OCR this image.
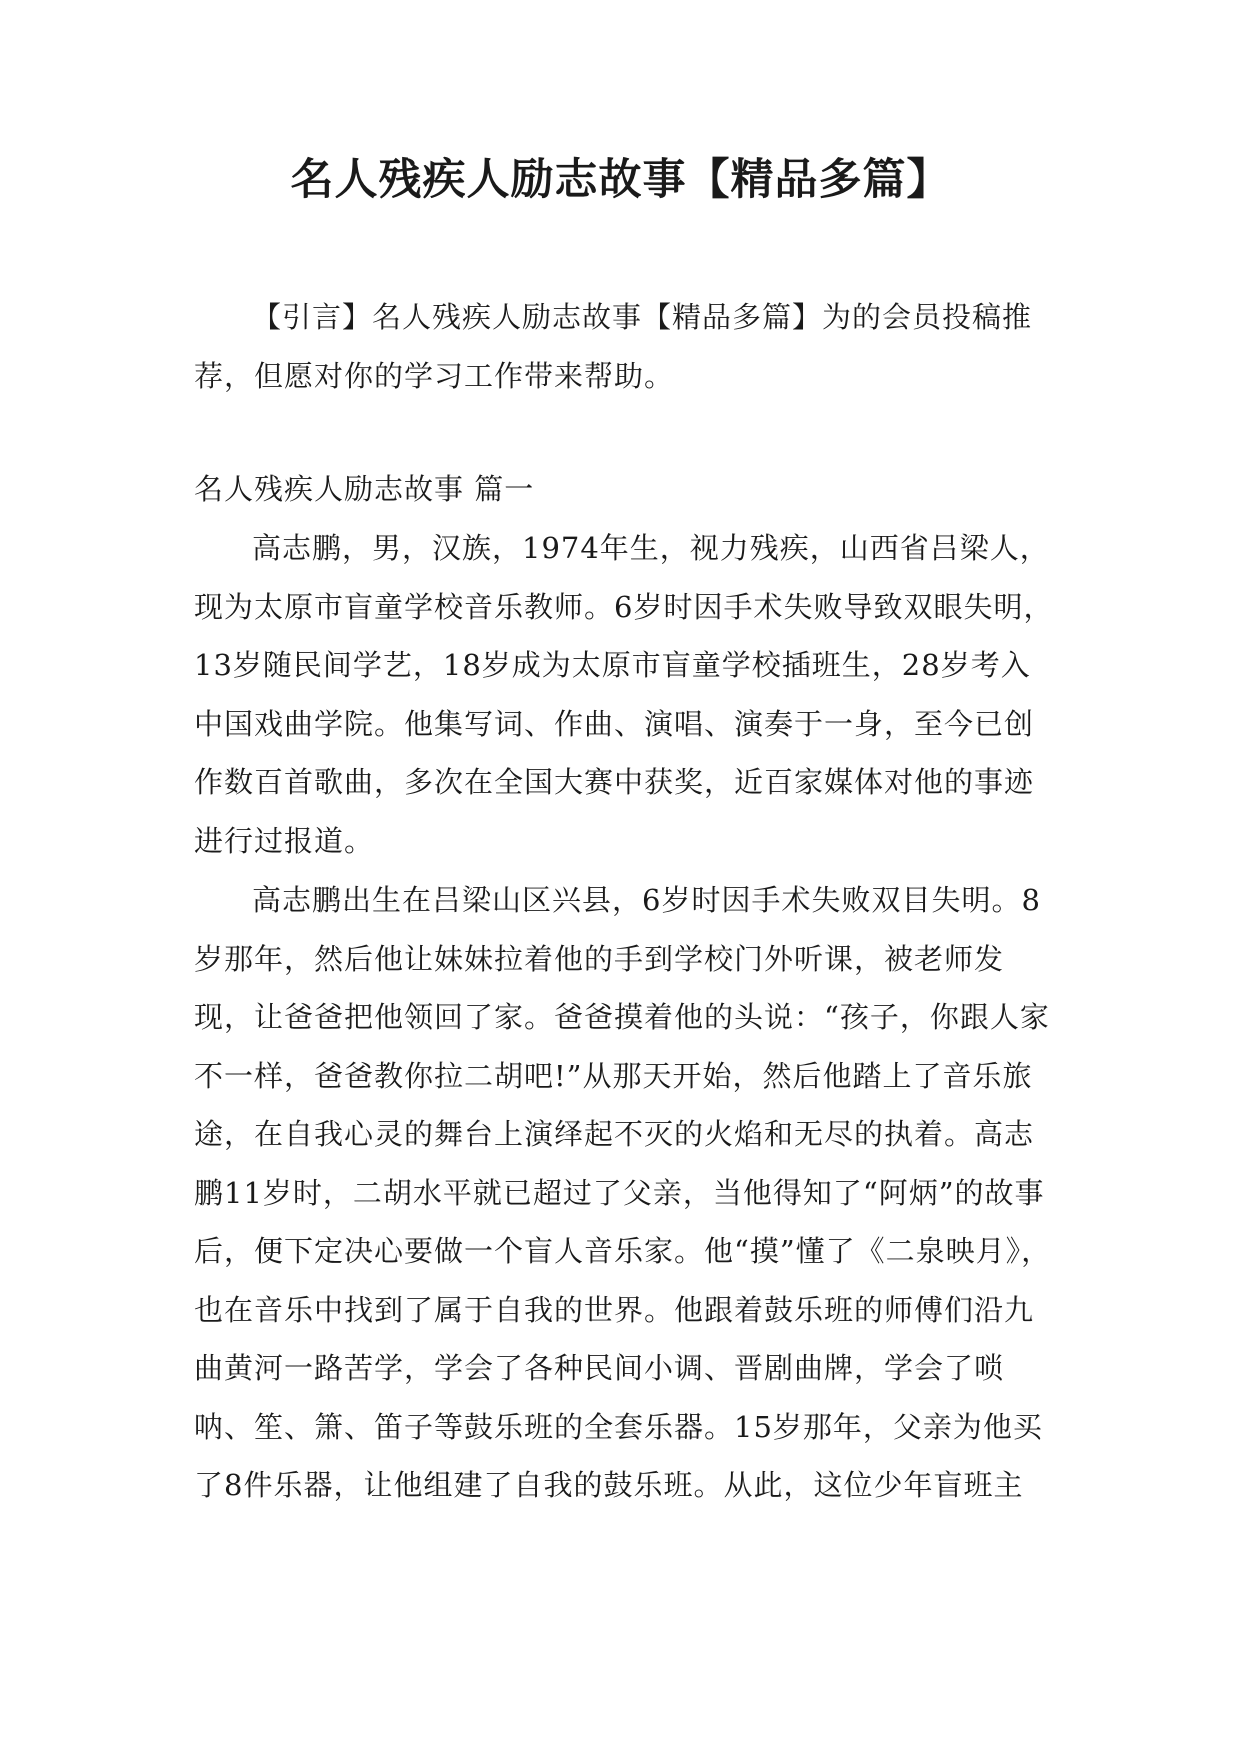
名人残疾人励志故事【精品多篇】

【引言】名人残疾人励志故事【精品多篇】为的会员投稿推荐，但愿对你的学习工作带来帮助。

名人残疾人励志故事 篇一

高志鹏，男，汉族，1974年生，视力残疾，山西省吕梁人，现为太原市盲童学校音乐教师。6岁时因手术失败导致双眼失明，13岁随民间学艺，18岁成为太原市盲童学校插班生，28岁考入中国戏曲学院。他集写词、作曲、演唱、演奏于一身，至今已创作数百首歌曲，多次在全国大赛中获奖，近百家媒体对他的事迹进行过报道。

高志鹏出生在吕梁山区兴县，6岁时因手术失败双目失明。8岁那年，然后他让妹妹拉着他的手到学校门外听课，被老师发现，让爸爸把他领回了家。爸爸摸着他的头说：“孩子，你跟人家不一样，爸爸教你拉二胡吧!”从那天开始，然后他踏上了音乐旅途，在自我心灵的舞台上演绎起不灭的火焰和无尽的执着。高志鹏11岁时，二胡水平就已超过了父亲，当他得知了“阿炳”的故事后，便下定决心要做一个盲人音乐家。他“摸”懂了《二泉映月》，也在音乐中找到了属于自我的世界。他跟着鼓乐班的师傅们沿九曲黄河一路苦学，学会了各种民间小调、晋剧曲牌，学会了唢呐、笙、箫、笛子等鼓乐班的全套乐器。15岁那年，父亲为他买了8件乐器，让他组建了自我的鼓乐班。从此，这位少年盲班主
